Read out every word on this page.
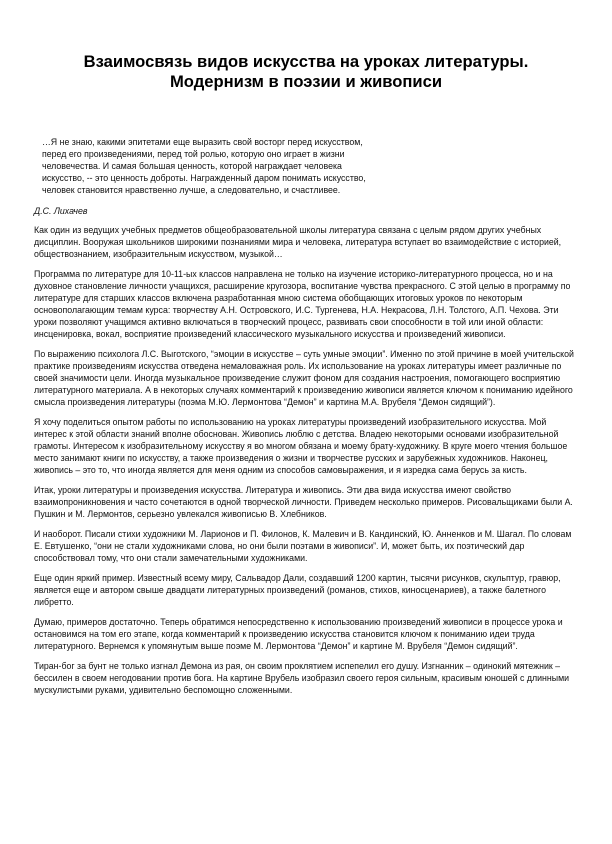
Взаимосвязь видов искусства на уроках литературы.
Модернизм в поэзии и живописи

…Я не знаю, какими эпитетами еще выразить свой восторг перед искусством, перед его произведениями, перед той ролью, которую оно играет в жизни человечества. И самая большая ценность, которой награждает человека искусство, -- это ценность доброты. Награжденный даром понимать искусство, человек становится нравственно лучше, а следовательно, и счастливее.

Д.С. Лихачев

Как один из ведущих учебных предметов общеобразовательной школы литература связана с целым рядом других учебных дисциплин. Вооружая школьников широкими познаниями мира и человека, литература вступает во взаимодействие с историей, обществознанием, изобразительным искусством, музыкой…

Программа по литературе для 10-11-ых классов направлена не только на изучение историко-литературного процесса, но и на духовное становление личности учащихся, расширение кругозора, воспитание чувства прекрасного. С этой целью в программу по литературе для старших классов включена разработанная мною система обобщающих итоговых уроков по некоторым основополагающим темам курса: творчеству А.Н. Островского, И.С. Тургенева, Н.А. Некрасова, Л.Н. Толстого, А.П. Чехова. Эти уроки позволяют учащимся активно включаться в творческий процесс, развивать свои способности в той или иной области: инсценировка, вокал, восприятие произведений классического музыкального искусства и произведений живописи.

По выражению психолога Л.С. Выготского, “эмоции в искусстве – суть умные эмоции”. Именно по этой причине в моей учительской практике произведениям искусства отведена немаловажная роль. Их использование на уроках литературы имеет различные по своей значимости цели. Иногда музыкальное произведение служит фоном для создания настроения, помогающего восприятию литературного материала. А в некоторых случаях комментарий к произведению живописи является ключом к пониманию идейного смысла произведения литературы (поэма М.Ю. Лермонтова “Демон” и картина М.А. Врубеля “Демон сидящий”).

Я хочу поделиться опытом работы по использованию на уроках литературы произведений изобразительного искусства. Мой интерес к этой области знаний вполне обоснован. Живопись люблю с детства. Владею некоторыми основами изобразительной грамоты. Интересом к изобразительному искусству я во многом обязана и моему брату-художнику. В круге моего чтения большое место занимают книги по искусству, а также произведения о жизни и творчестве русских и зарубежных художников. Наконец, живопись – это то, что иногда является для меня одним из способов самовыражения, и я изредка сама берусь за кисть.

Итак, уроки литературы и произведения искусства. Литература и живопись. Эти два вида искусства имеют свойство взаимопроникновения и часто сочетаются в одной творческой личности. Приведем несколько примеров. Рисовальщиками были А. Пушкин и М. Лермонтов, серьезно увлекался живописью В. Хлебников.

И наоборот. Писали стихи художники М. Ларионов и П. Филонов, К. Малевич и В. Кандинский, Ю. Анненков и М. Шагал. По словам Е. Евтушенко, “они не стали художниками слова, но они были поэтами в живописи”. И, может быть, их поэтический дар способствовал тому, что они стали замечательными художниками.

Еще один яркий пример. Известный всему миру, Сальвадор Дали, создавший 1200 картин, тысячи рисунков, скульптур, гравюр, является еще и автором свыше двадцати литературных произведений (романов, стихов, киносценариев), а также балетного либретто.

Думаю, примеров достаточно. Теперь обратимся непосредственно к использованию произведений живописи в процессе урока и остановимся на том его этапе, когда комментарий к произведению искусства становится ключом к пониманию идеи труда литературного. Вернемся к упомянутым выше поэме М. Лермонтова “Демон” и картине М. Врубеля “Демон сидящий”.

Тиран-бог за бунт не только изгнал Демона из рая, он своим проклятием испепелил его душу. Изгнанник – одинокий мятежник – бессилен в своем негодовании против бога. На картине Врубель изобразил своего героя сильным, красивым юношей с длинными мускулистыми руками, удивительно беспомощно сложенными.
